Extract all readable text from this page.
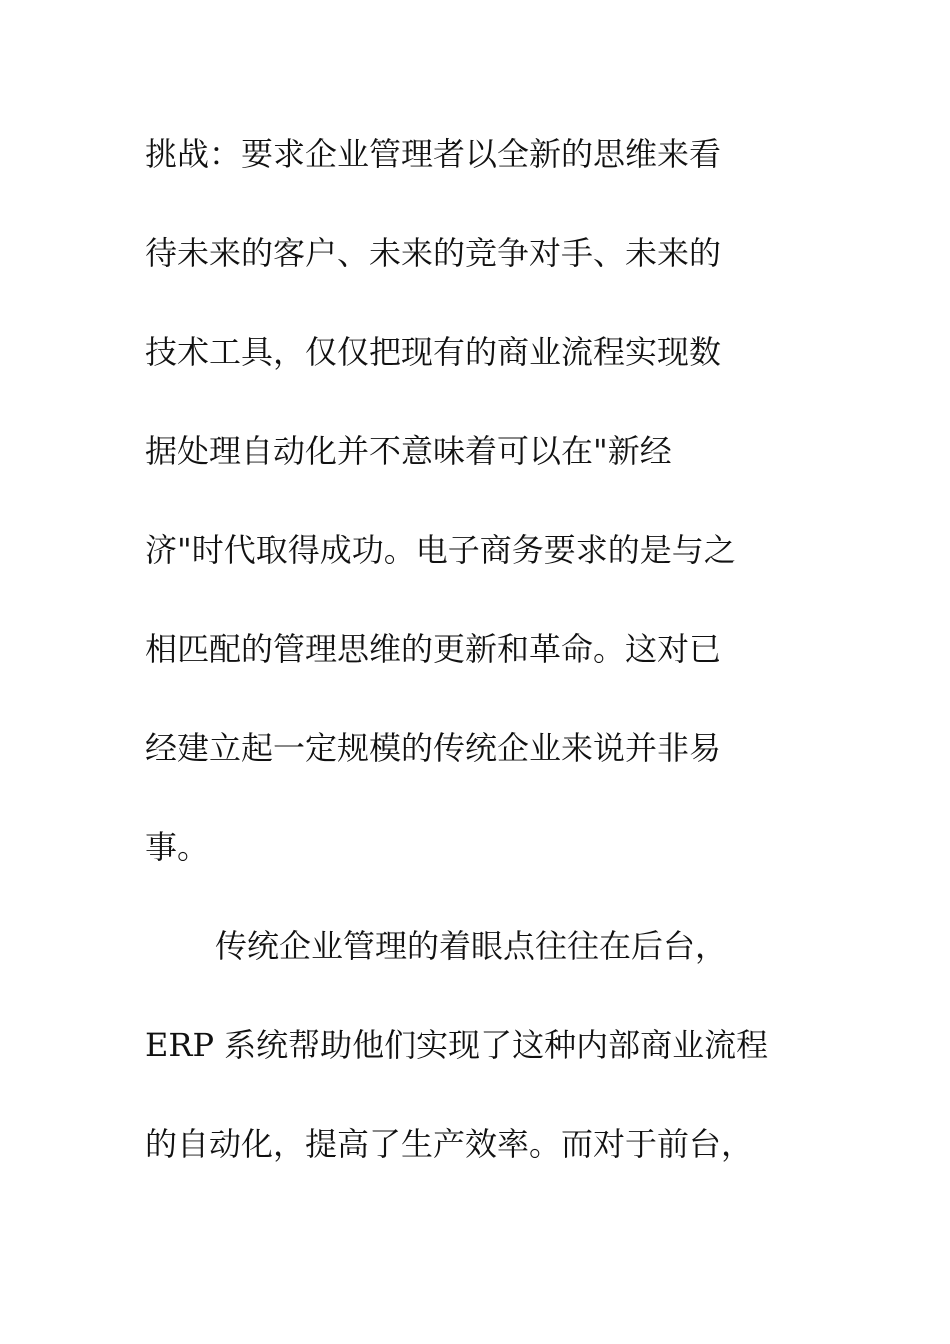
挑战：要求企业管理者以全新的思维来看
待未来的客户、未来的竞争对手、未来的
技术工具，仅仅把现有的商业流程实现数
据处理自动化并不意味着可以在"新经
济"时代取得成功。电子商务要求的是与之
相匹配的管理思维的更新和革命。这对已
经建立起一定规模的传统企业来说并非易
事。
传统企业管理的着眼点往往在后台，
ERP 系统帮助他们实现了这种内部商业流程
的自动化，提高了生产效率。而对于前台，
